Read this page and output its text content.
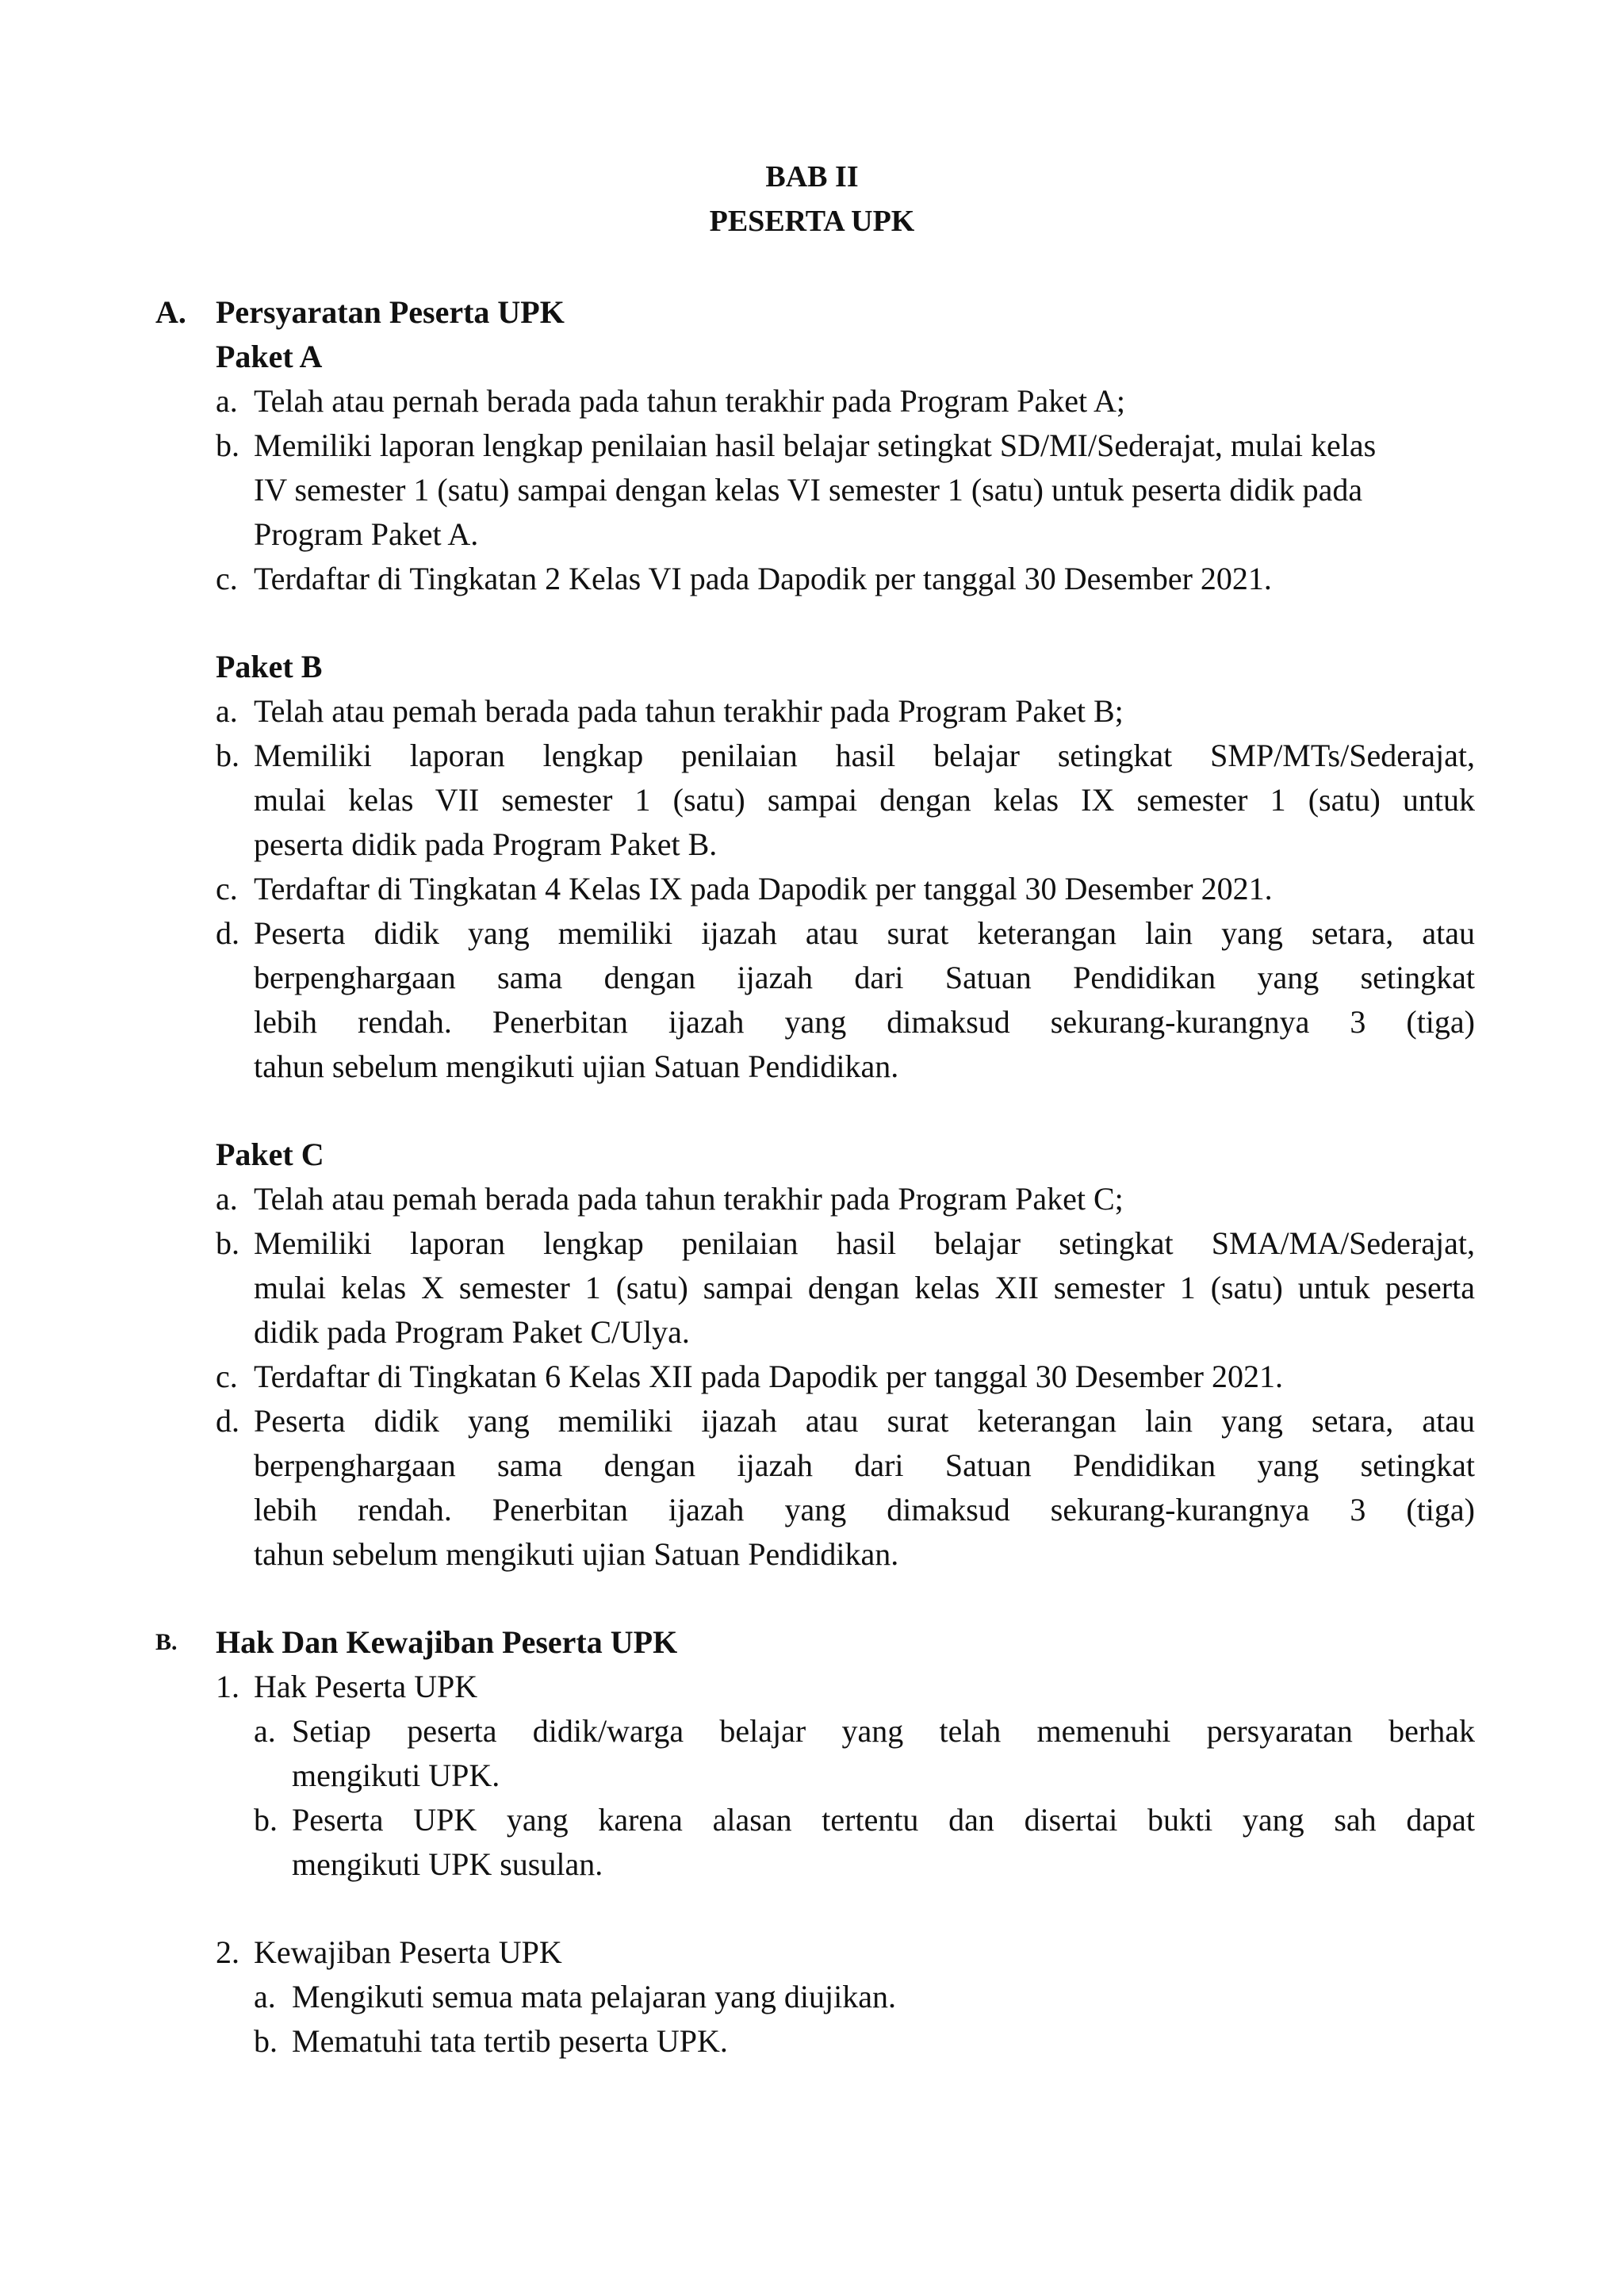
BAB II
PESERTA UPK
A. Persyaratan Peserta UPK
Paket A
a. Telah atau pernah berada pada tahun terakhir pada Program Paket A;
b. Memiliki laporan lengkap penilaian hasil belajar setingkat SD/MI/Sederajat, mulai kelas
IV semester 1 (satu) sampai dengan kelas VI semester 1 (satu) untuk peserta didik pada
Program Paket A.
c. Terdaftar di Tingkatan 2 Kelas VI pada Dapodik per tanggal 30 Desember 2021.
Paket B
a. Telah atau pemah berada pada tahun terakhir pada Program Paket B;
b. Memiliki laporan lengkap penilaian hasil belajar setingkat SMP/MTs/Sederajat,
mulai kelas VII semester 1 (satu) sampai dengan kelas IX semester 1 (satu) untuk
peserta didik pada Program Paket B.
c. Terdaftar di Tingkatan 4 Kelas IX pada Dapodik per tanggal 30 Desember 2021.
d. Peserta didik yang memiliki ijazah atau surat keterangan lain yang setara, atau
berpenghargaan sama dengan ijazah dari Satuan Pendidikan yang setingkat
lebih rendah. Penerbitan ijazah yang dimaksud sekurang-kurangnya 3 (tiga)
tahun sebelum mengikuti ujian Satuan Pendidikan.
Paket C
a. Telah atau pemah berada pada tahun terakhir pada Program Paket C;
b. Memiliki laporan lengkap penilaian hasil belajar setingkat SMA/MA/Sederajat,
mulai kelas X semester 1 (satu) sampai dengan kelas XII semester 1 (satu) untuk peserta
didik pada Program Paket C/Ulya.
c. Terdaftar di Tingkatan 6 Kelas XII pada Dapodik per tanggal 30 Desember 2021.
d. Peserta didik yang memiliki ijazah atau surat keterangan lain yang setara, atau
berpenghargaan sama dengan ijazah dari Satuan Pendidikan yang setingkat
lebih rendah. Penerbitan ijazah yang dimaksud sekurang-kurangnya 3 (tiga)
tahun sebelum mengikuti ujian Satuan Pendidikan.
B. Hak Dan Kewajiban Peserta UPK
1. Hak Peserta UPK
a. Setiap peserta didik/warga belajar yang telah memenuhi persyaratan berhak
mengikuti UPK.
b. Peserta UPK yang karena alasan tertentu dan disertai bukti yang sah dapat
mengikuti UPK susulan.
2. Kewajiban Peserta UPK
a. Mengikuti semua mata pelajaran yang diujikan.
b. Mematuhi tata tertib peserta UPK.
